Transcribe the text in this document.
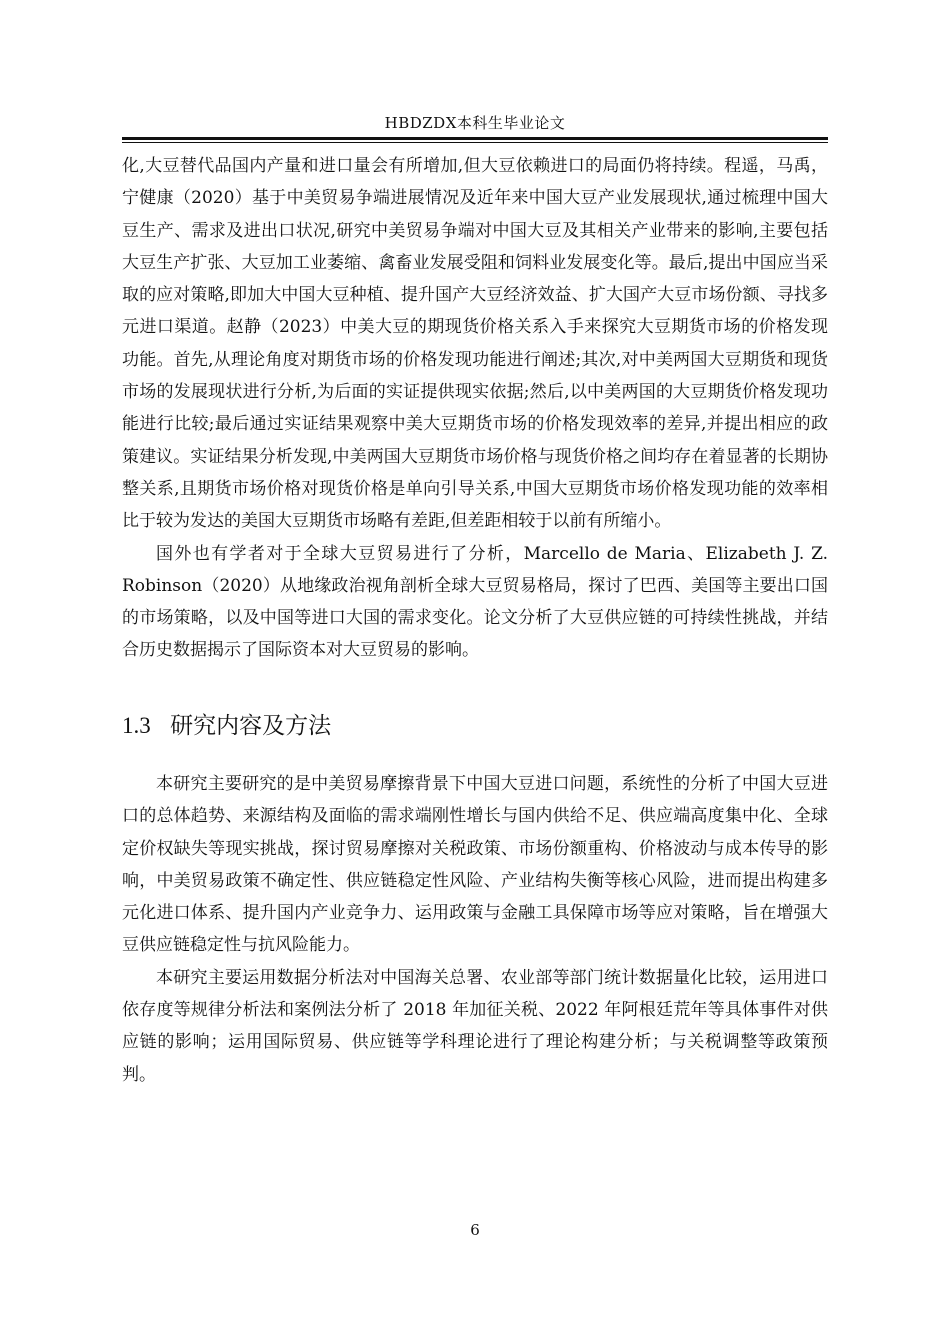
HBDZDX本科生毕业论文

化,大豆替代品国内产量和进口量会有所增加,但大豆依赖进口的局面仍将持续。程遥，马禹，宁健康（2020）基于中美贸易争端进展情况及近年来中国大豆产业发展现状,通过梳理中国大豆生产、需求及进出口状况,研究中美贸易争端对中国大豆及其相关产业带来的影响,主要包括大豆生产扩张、大豆加工业萎缩、禽畜业发展受阻和饲料业发展变化等。最后,提出中国应当采取的应对策略,即加大中国大豆种植、提升国产大豆经济效益、扩大国产大豆市场份额、寻找多元进口渠道。赵静（2023）中美大豆的期现货价格关系入手来探究大豆期货市场的价格发现功能。首先,从理论角度对期货市场的价格发现功能进行阐述;其次,对中美两国大豆期货和现货市场的发展现状进行分析,为后面的实证提供现实依据;然后,以中美两国的大豆期货价格发现功能进行比较;最后通过实证结果观察中美大豆期货市场的价格发现效率的差异,并提出相应的政策建议。实证结果分析发现,中美两国大豆期货市场价格与现货价格之间均存在着显著的长期协整关系,且期货市场价格对现货价格是单向引导关系,中国大豆期货市场价格发现功能的效率相比于较为发达的美国大豆期货市场略有差距,但差距相较于以前有所缩小。

国外也有学者对于全球大豆贸易进行了分析，Marcello de Maria、Elizabeth J. Z. Robinson（2020）从地缘政治视角剖析全球大豆贸易格局，探讨了巴西、美国等主要出口国的市场策略，以及中国等进口大国的需求变化。论文分析了大豆供应链的可持续性挑战，并结合历史数据揭示了国际资本对大豆贸易的影响。

1.3 研究内容及方法

本研究主要研究的是中美贸易摩擦背景下中国大豆进口问题，系统性的分析了中国大豆进口的总体趋势、来源结构及面临的需求端刚性增长与国内供给不足、供应端高度集中化、全球定价权缺失等现实挑战，探讨贸易摩擦对关税政策、市场份额重构、价格波动与成本传导的影响，中美贸易政策不确定性、供应链稳定性风险、产业结构失衡等核心风险，进而提出构建多元化进口体系、提升国内产业竞争力、运用政策与金融工具保障市场等应对策略，旨在增强大豆供应链稳定性与抗风险能力。

本研究主要运用数据分析法对中国海关总署、农业部等部门统计数据量化比较，运用进口依存度等规律分析法和案例法分析了 2018 年加征关税、2022 年阿根廷荒年等具体事件对供应链的影响；运用国际贸易、供应链等学科理论进行了理论构建分析；与关税调整等政策预判。

6
